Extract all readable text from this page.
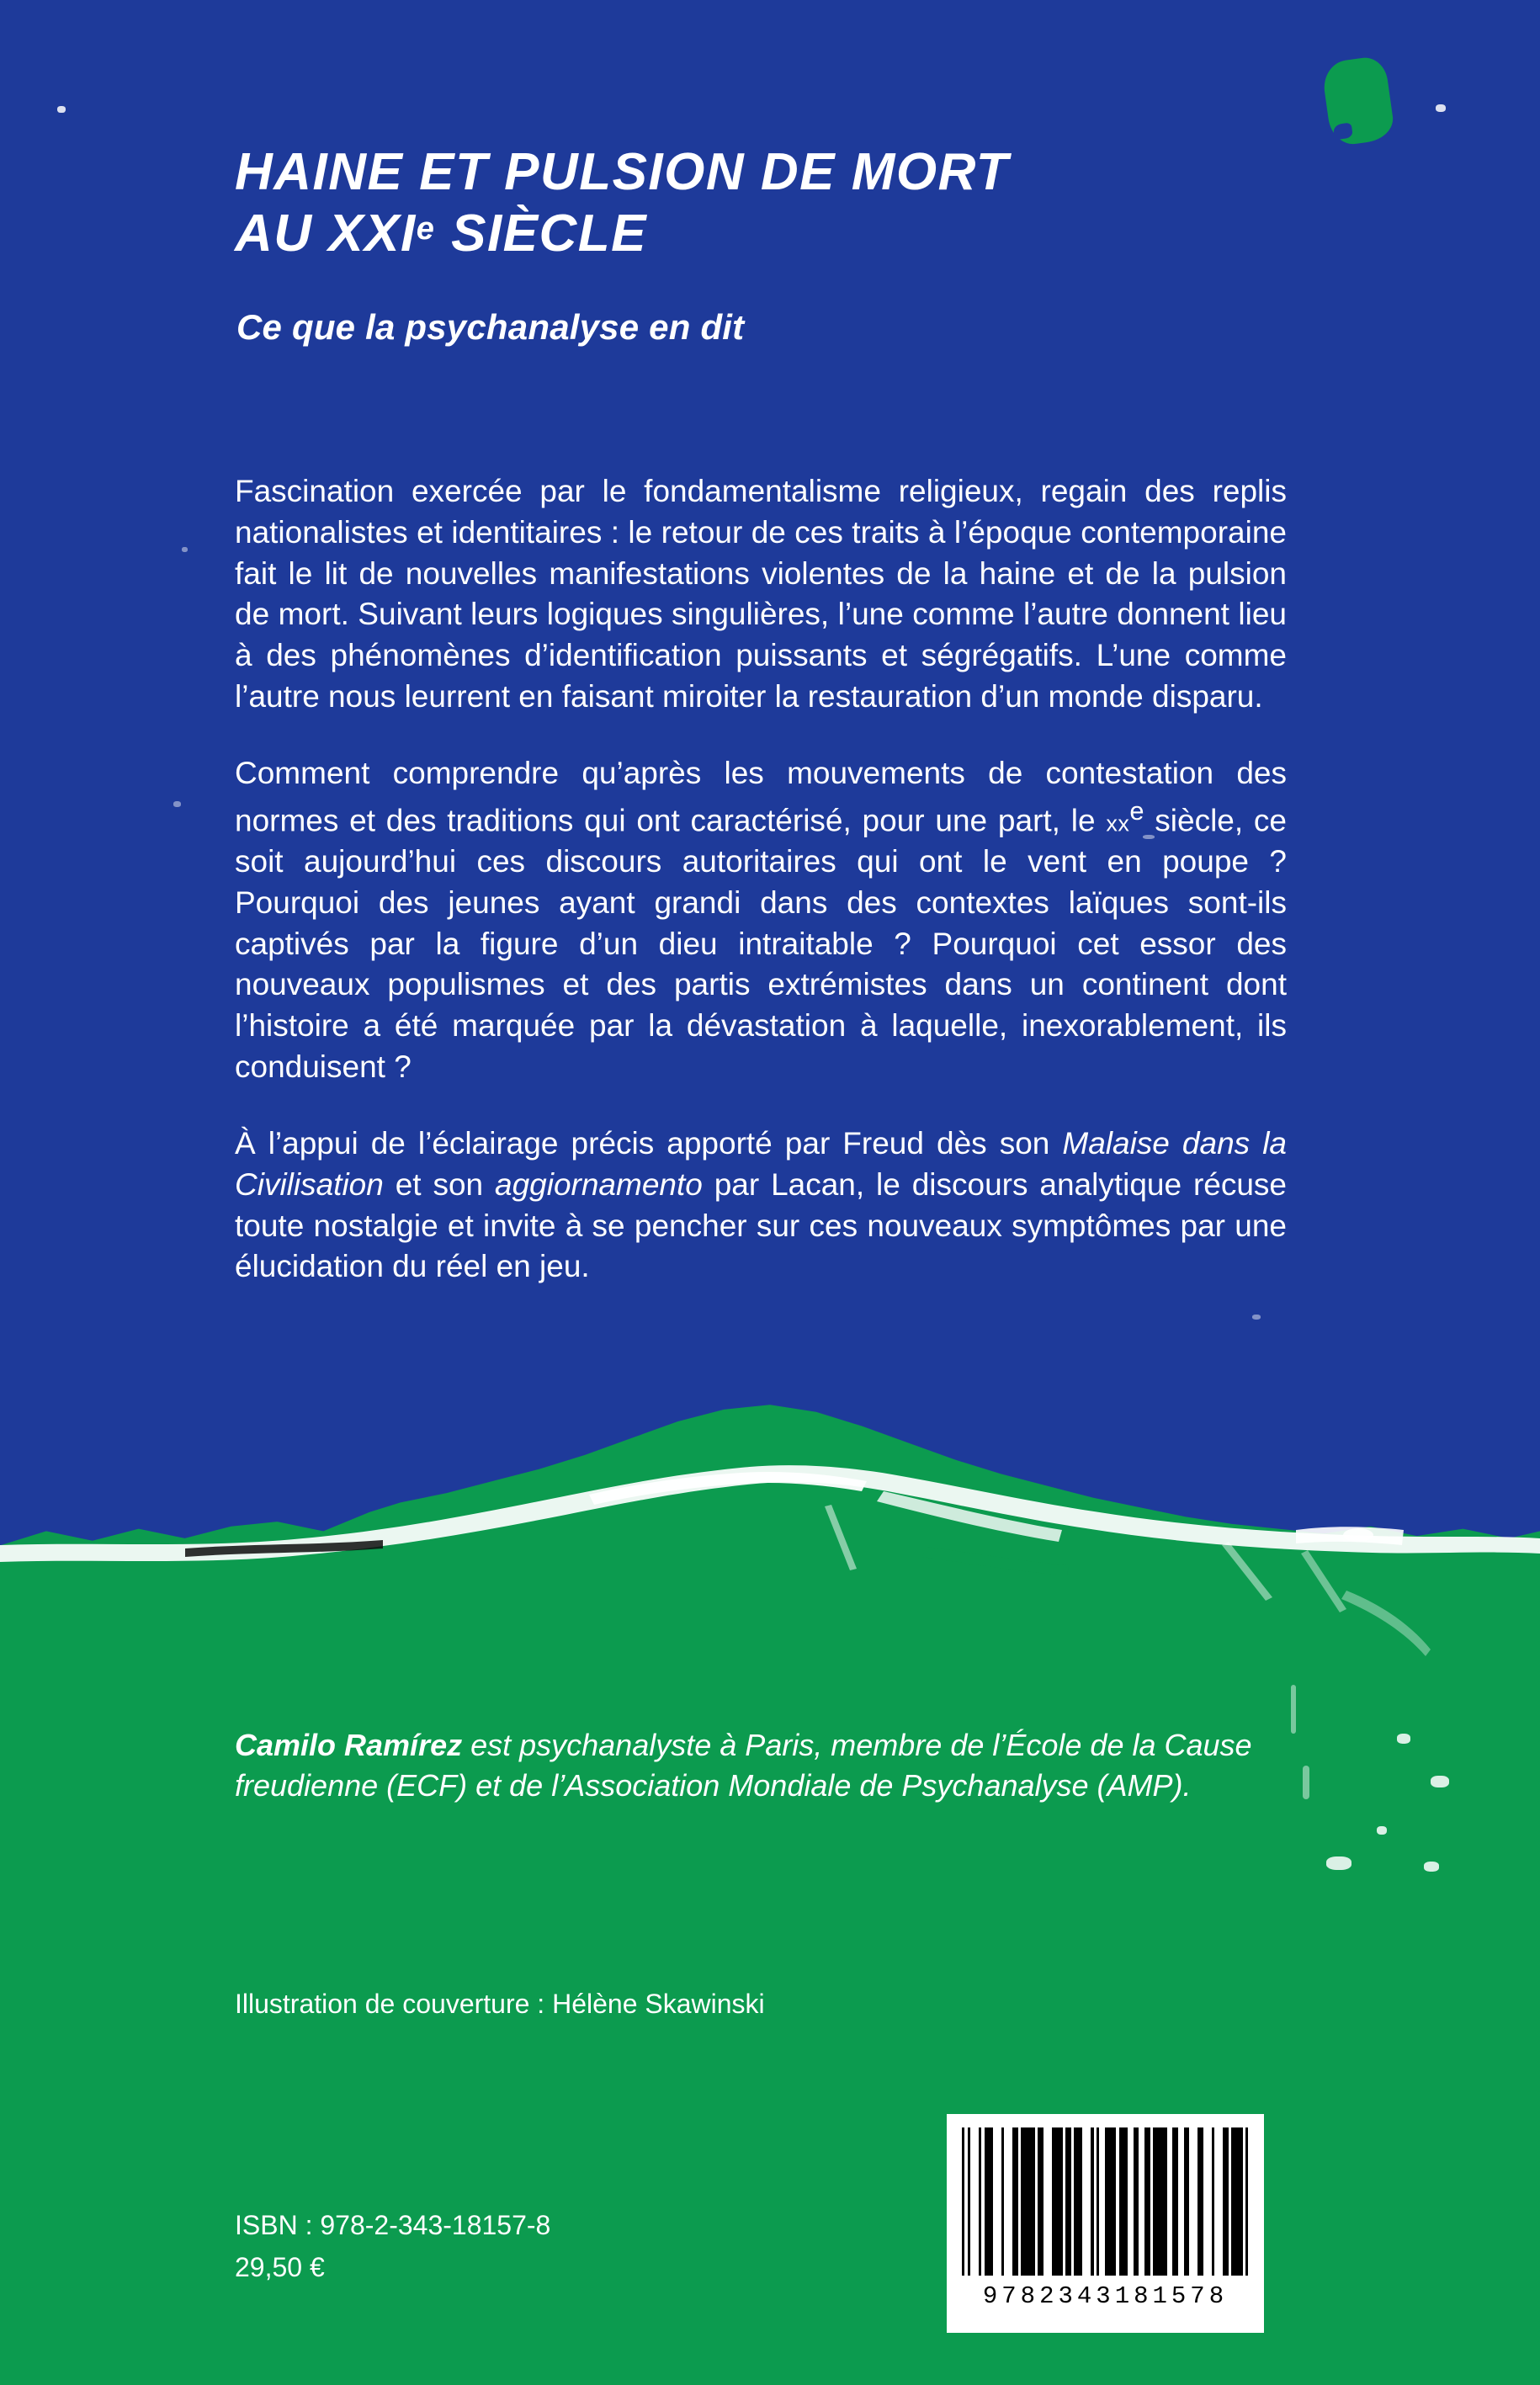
HAINE ET PULSION DE MORT
AU XXIe SIÈCLE
Ce que la psychanalyse en dit

Fascination exercée par le fondamentalisme religieux, regain des replis nationalistes et identitaires : le retour de ces traits à l’époque contemporaine fait le lit de nouvelles manifestations violentes de la haine et de la pulsion de mort. Suivant leurs logiques singulières, l’une comme l’autre donnent lieu à des phénomènes d’identification puissants et ségrégatifs. L’une comme l’autre nous leurrent en faisant miroiter la restauration d’un monde disparu.

Comment comprendre qu’après les mouvements de contestation des normes et des traditions qui ont caractérisé, pour une part, le $xx^e$ siècle, ce soit aujourd’hui ces discours autoritaires qui ont le vent en poupe ? Pourquoi des jeunes ayant grandi dans des contextes laïques sont-ils captivés par la figure d’un dieu intraitable ? Pourquoi cet essor des nouveaux populismes et des partis extrémistes dans un continent dont l’histoire a été marquée par la dévastation à laquelle, inexorablement, ils conduisent ?

À l’appui de l’éclairage précis apporté par Freud dès son Malaise dans la Civilisation et son aggiornamento par Lacan, le discours analytique récuse toute nostalgie et invite à se pencher sur ces nouveaux symptômes par une élucidation du réel en jeu.

Camilo Ramírez est psychanalyste à Paris, membre de l’École de la Cause freudienne (ECF) et de l’Association Mondiale de Psychanalyse (AMP).
Illustration de couverture : Hélène Skawinski
ISBN : 978-2-343-18157-8
29,50 €
9782343181578
